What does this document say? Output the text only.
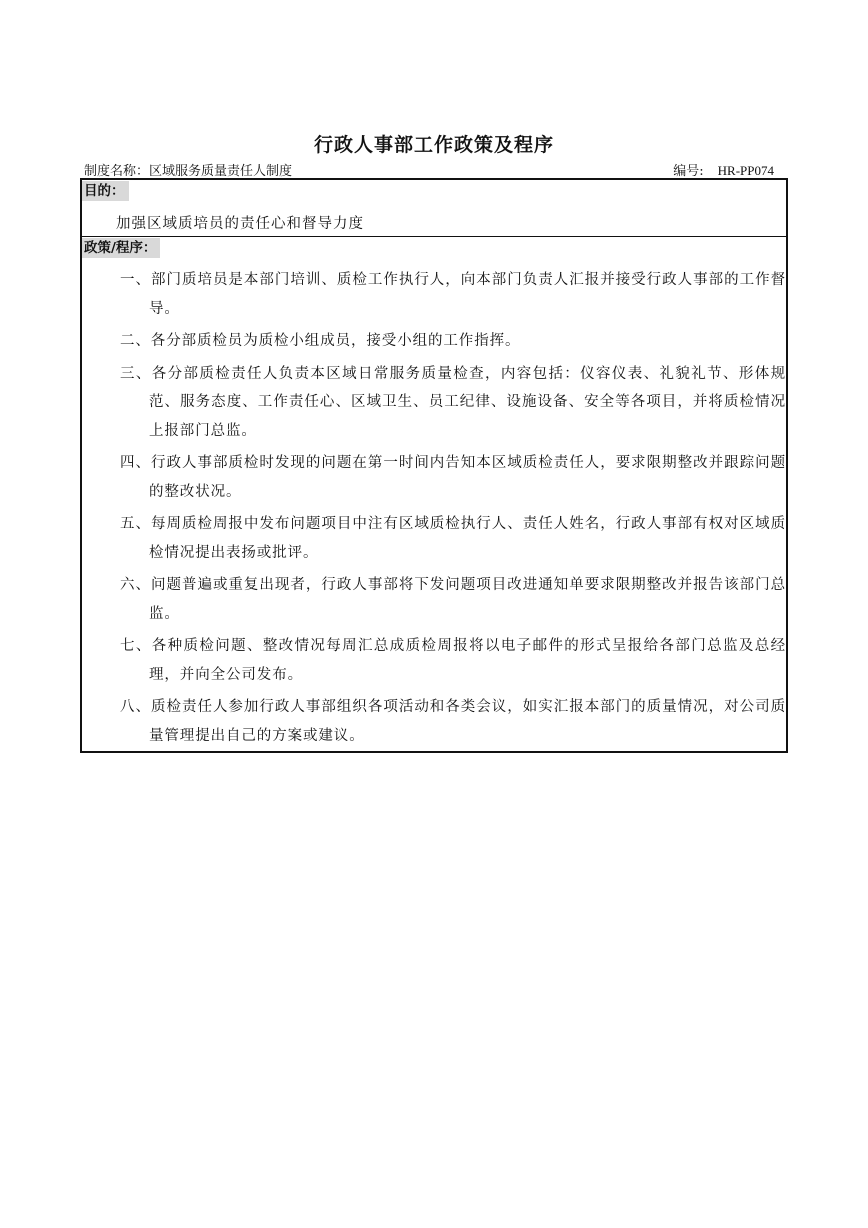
行政人事部工作政策及程序
制度名称：区域服务质量责任人制度	编号: HR-PP074
目的：
加强区域质培员的责任心和督导力度
政策/程序：
一、部门质培员是本部门培训、质检工作执行人，向本部门负责人汇报并接受行政人事部的工作督导。
二、各分部质检员为质检小组成员，接受小组的工作指挥。
三、各分部质检责任人负责本区域日常服务质量检查，内容包括：仪容仪表、礼貌礼节、形体规范、服务态度、工作责任心、区域卫生、员工纪律、设施设备、安全等各项目，并将质检情况上报部门总监。
四、行政人事部质检时发现的问题在第一时间内告知本区域质检责任人，要求限期整改并跟踪问题的整改状况。
五、每周质检周报中发布问题项目中注有区域质检执行人、责任人姓名，行政人事部有权对区域质检情况提出表扬或批评。
六、问题普遍或重复出现者，行政人事部将下发问题项目改进通知单要求限期整改并报告该部门总监。
七、各种质检问题、整改情况每周汇总成质检周报将以电子邮件的形式呈报给各部门总监及总经理，并向全公司发布。
八、质检责任人参加行政人事部组织各项活动和各类会议，如实汇报本部门的质量情况，对公司质量管理提出自己的方案或建议。
